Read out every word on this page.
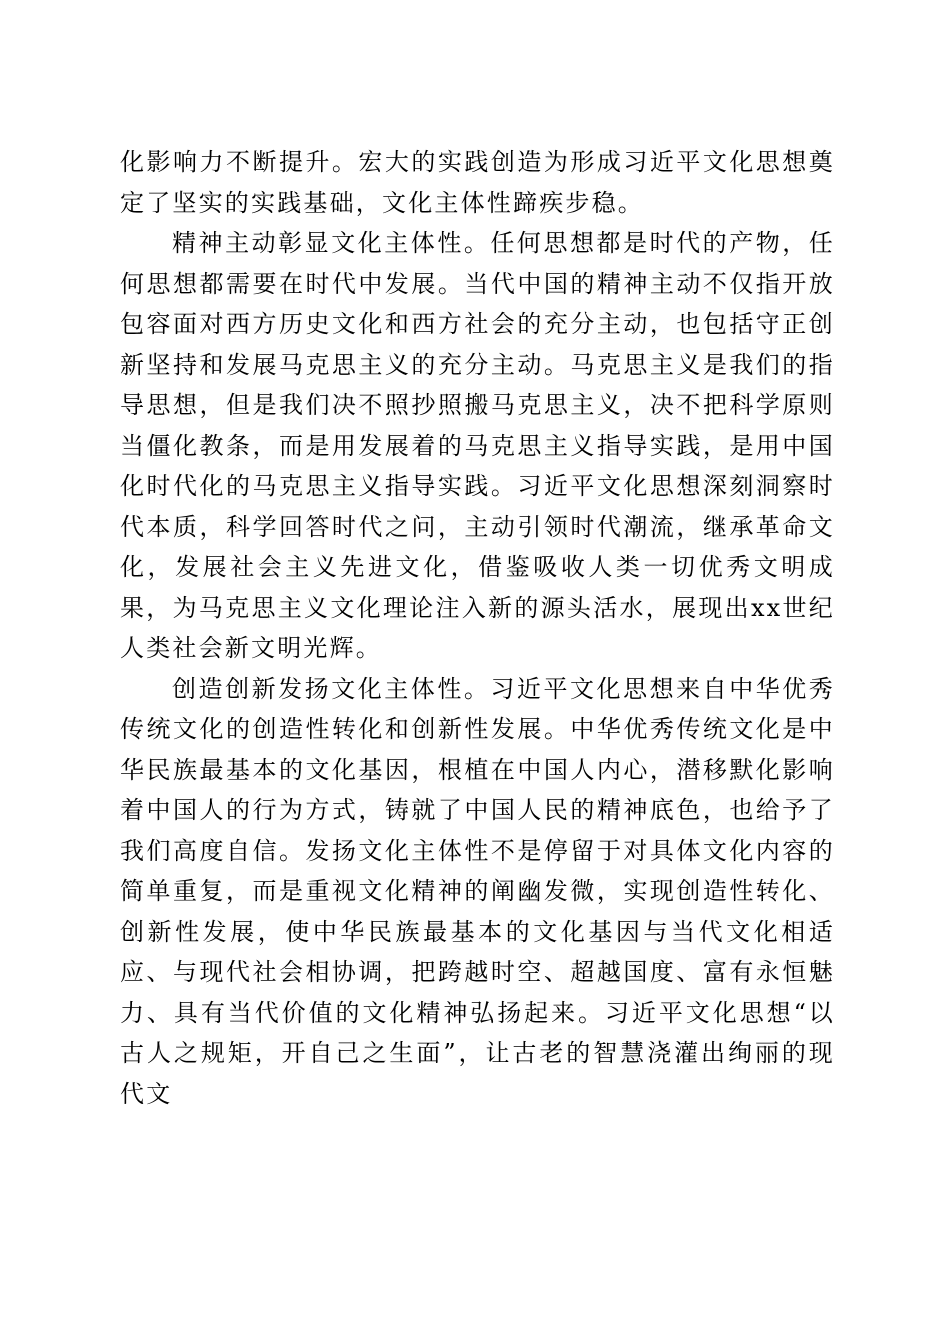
化影响力不断提升。宏大的实践创造为形成习近平文化思想奠定了坚实的实践基础，文化主体性蹄疾步稳。

精神主动彰显文化主体性。任何思想都是时代的产物，任何思想都需要在时代中发展。当代中国的精神主动不仅指开放包容面对西方历史文化和西方社会的充分主动，也包括守正创新坚持和发展马克思主义的充分主动。马克思主义是我们的指导思想，但是我们决不照抄照搬马克思主义，决不把科学原则当僵化教条，而是用发展着的马克思主义指导实践，是用中国化时代化的马克思主义指导实践。习近平文化思想深刻洞察时代本质，科学回答时代之问，主动引领时代潮流，继承革命文化，发展社会主义先进文化，借鉴吸收人类一切优秀文明成果，为马克思主义文化理论注入新的源头活水，展现出xx世纪人类社会新文明光辉。

创造创新发扬文化主体性。习近平文化思想来自中华优秀传统文化的创造性转化和创新性发展。中华优秀传统文化是中华民族最基本的文化基因，根植在中国人内心，潜移默化影响着中国人的行为方式，铸就了中国人民的精神底色，也给予了我们高度自信。发扬文化主体性不是停留于对具体文化内容的简单重复，而是重视文化精神的阐幽发微，实现创造性转化、创新性发展，使中华民族最基本的文化基因与当代文化相适应、与现代社会相协调，把跨越时空、超越国度、富有永恒魅力、具有当代价值的文化精神弘扬起来。习近平文化思想“以古人之规矩，开自己之生面”，让古老的智慧浇灌出绚丽的现代文
